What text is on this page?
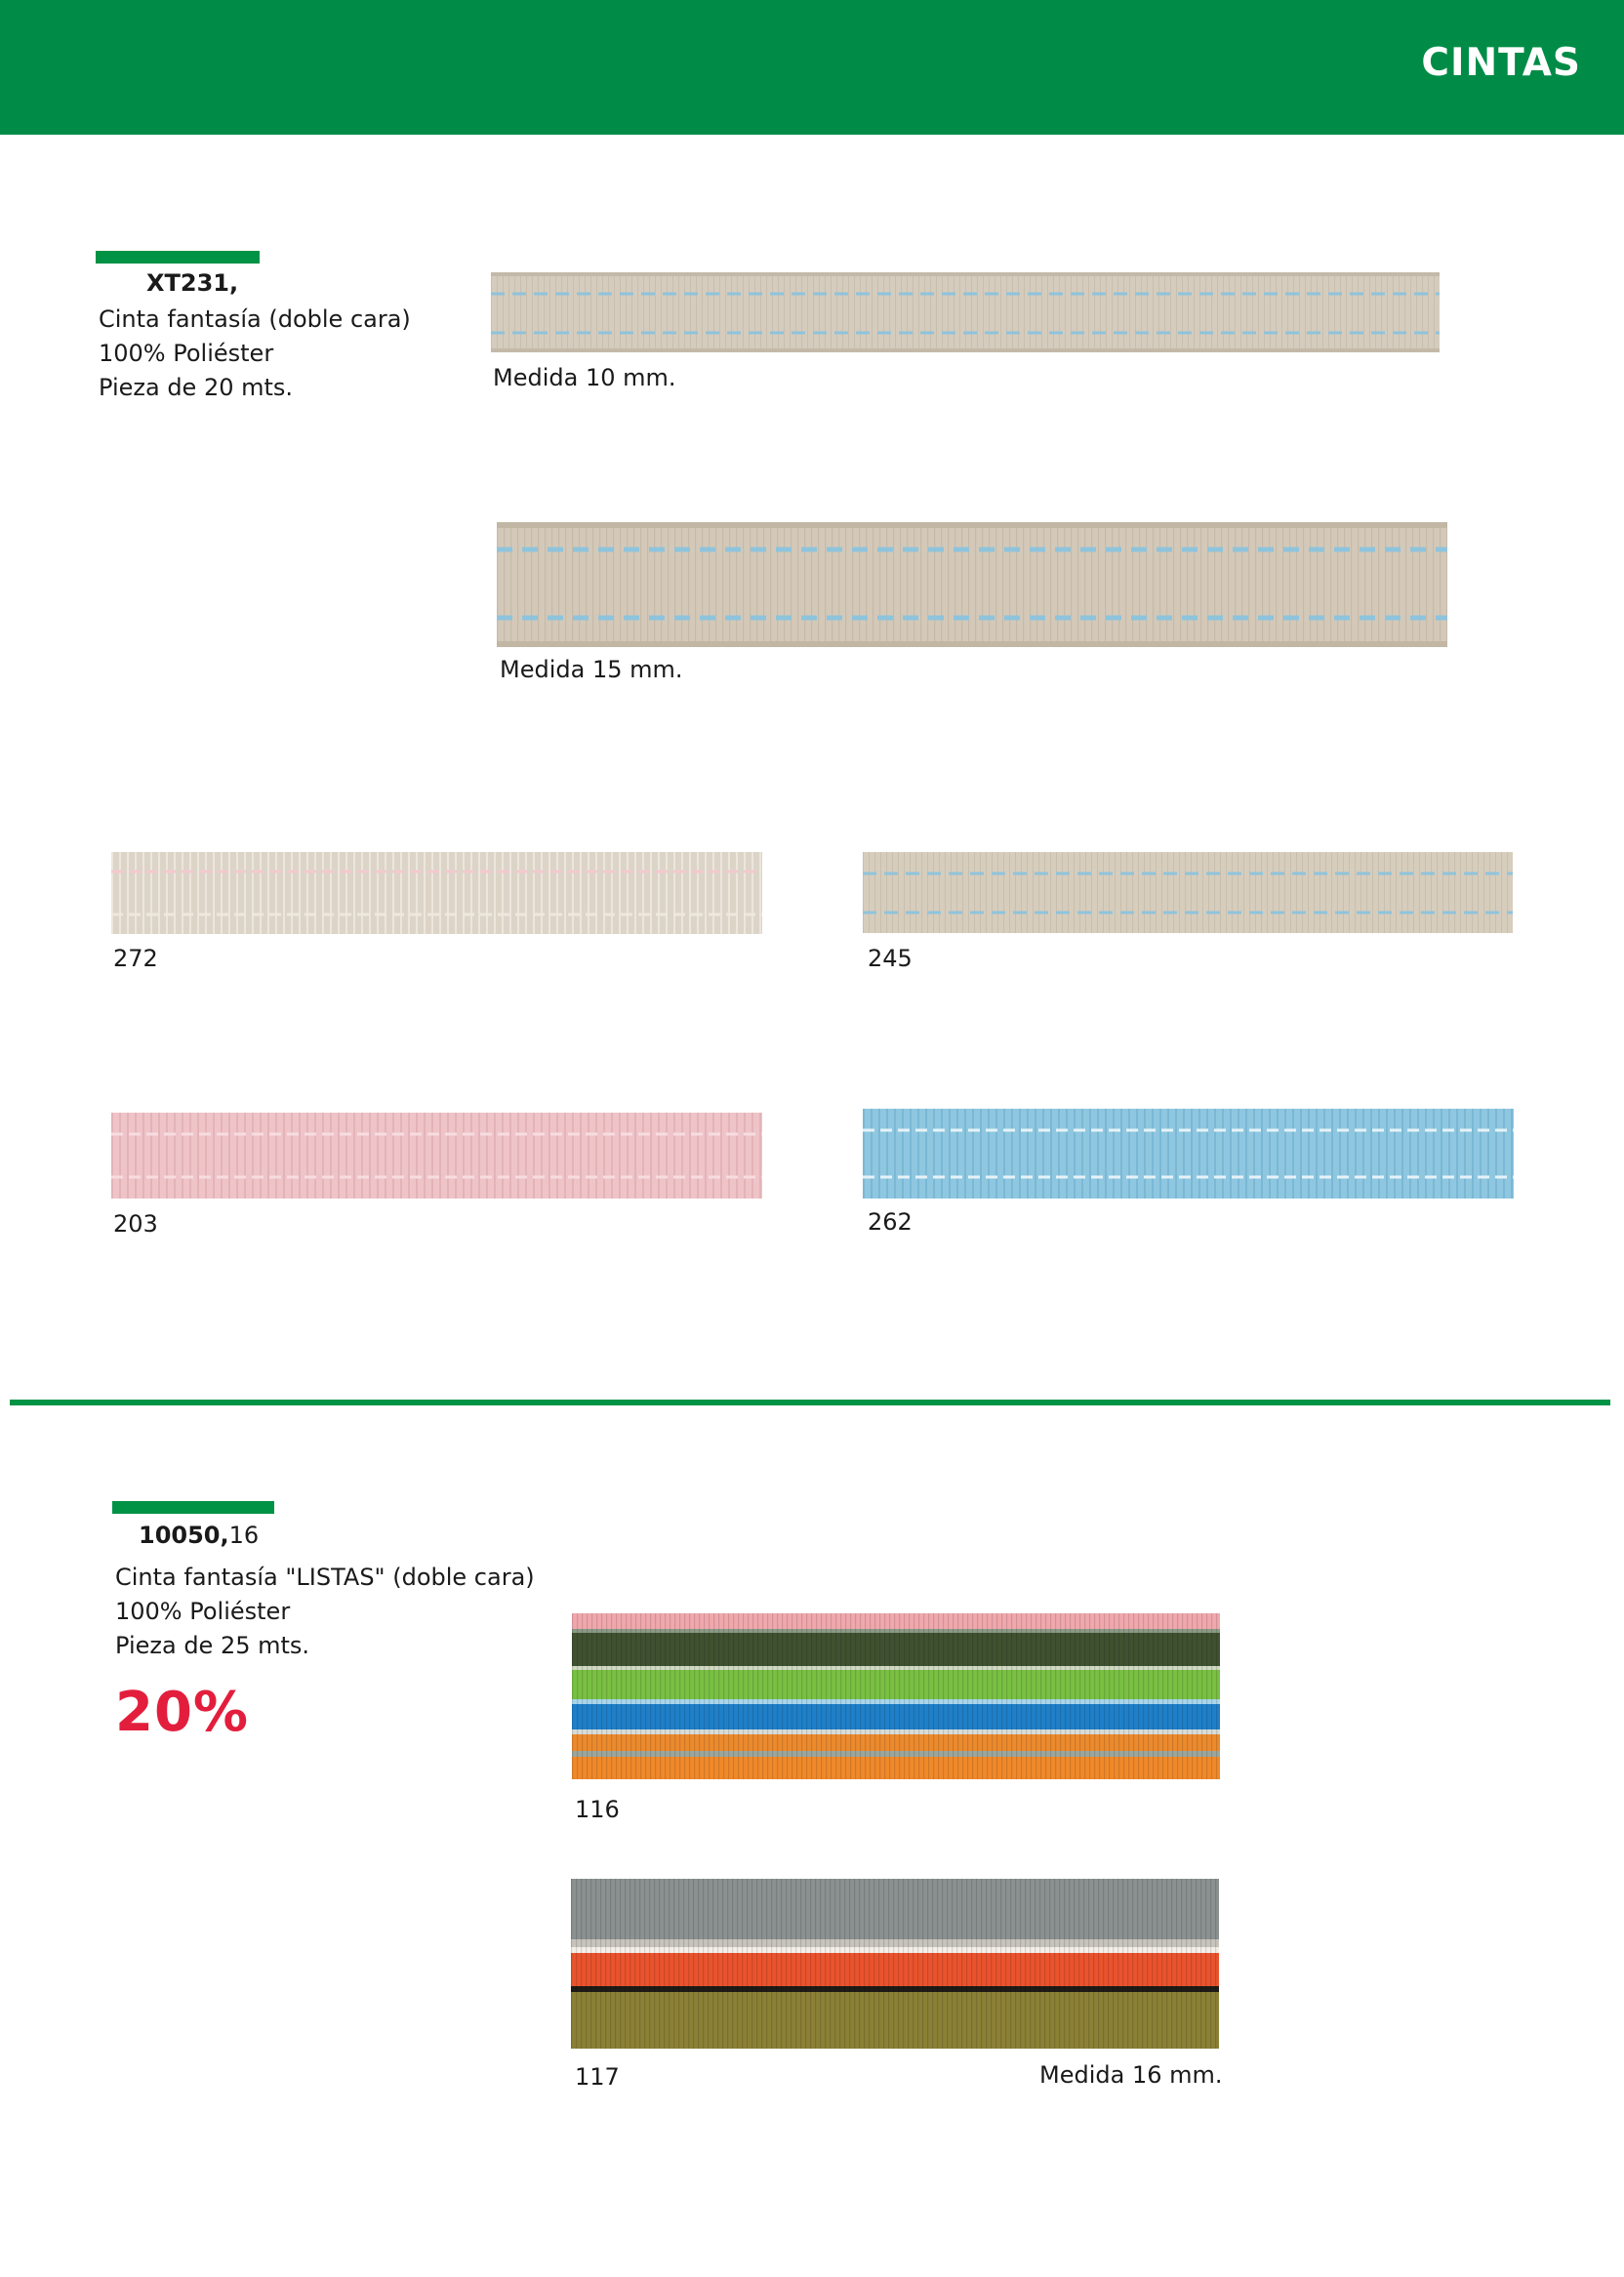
CINTAS
XT231,
Cinta fantasía (doble cara)
100% Poliéster
Pieza de 20 mts.	Medida 10 mm.
Medida 15 mm.
272	245
203	262
10050,16
Cinta fantasía "LISTAS" (doble cara)
100% Poliéster
Pieza de 25 mts.
20%
116
117	Medida 16 mm.
